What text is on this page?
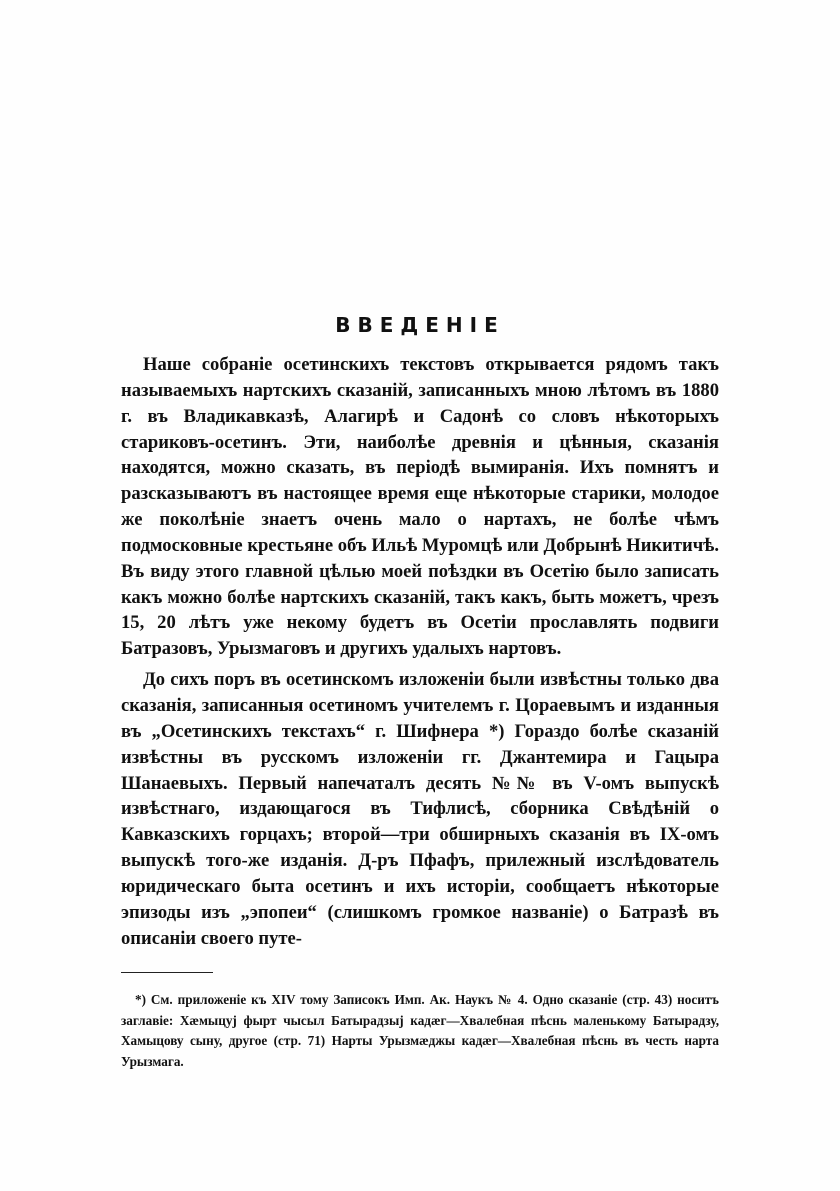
ВВЕДЕНІЕ

Наше собраніе осетинскихъ текстовъ открывается рядомъ такъ называемыхъ нартскихъ сказаній, записанныхъ мною лѣтомъ въ 1880 г. въ Владикавказѣ, Алагирѣ и Садонѣ со словъ нѣкоторыхъ стариковъ-осетинъ. Эти, наиболѣе древнія и цѣнныя, сказанія находятся, можно сказать, въ періодѣ вымиранія. Ихъ помнятъ и разсказываютъ въ настоящее время еще нѣкоторые старики, молодое же поколѣніе знаетъ очень мало о нартахъ, не болѣе чѣмъ подмосковные крестьяне объ Ильѣ Муромцѣ или Добрынѣ Никитичѣ. Въ виду этого главной цѣлью моей поѣздки въ Осетію было записать какъ можно болѣе нартскихъ сказаній, такъ какъ, быть можетъ, чрезъ 15, 20 лѣтъ уже некому будетъ въ Осетіи прославлять подвиги Батразовъ, Урызмаговъ и другихъ удалыхъ нартовъ.

До сихъ поръ въ осетинскомъ изложеніи были извѣстны только два сказанія, записанныя осетиномъ учителемъ г. Цораевымъ и изданныя въ „Осетинскихъ текстахъ“ г. Шифнера *) Гораздо болѣе сказаній извѣстны въ русскомъ изложеніи гг. Джантемира и Гацыра Шанаевыхъ. Первый напечаталъ десять №№ въ V-омъ выпускѣ извѣстнаго, издающагося въ Тифлисѣ, сборника Свѣдѣній о Кавказскихъ горцахъ; второй—три обширныхъ сказанія въ IX-омъ выпускѣ того-же изданія. Д-ръ Пфафъ, прилежный изслѣдователь юридическаго быта осетинъ и ихъ исторіи, сообщаетъ нѣкоторые эпизоды изъ „эпопеи“ (слишкомъ громкое названіе) о Батразѣ въ описаніи своего путе-

*) См. приложеніе къ XIV тому Записокъ Имп. Ак. Наукъ № 4. Одно сказаніе (стр. 43) носитъ заглавіе: Хӕмыцуј фырт чысыл Батырадзыј кадӕг—Хвалебная пѣснь маленькому Батырадзу, Хамыцову сыну, другое (стр. 71) Нарты Урызмӕджы кадӕг—Хвалебная пѣснь въ честь нарта Урызмага.
